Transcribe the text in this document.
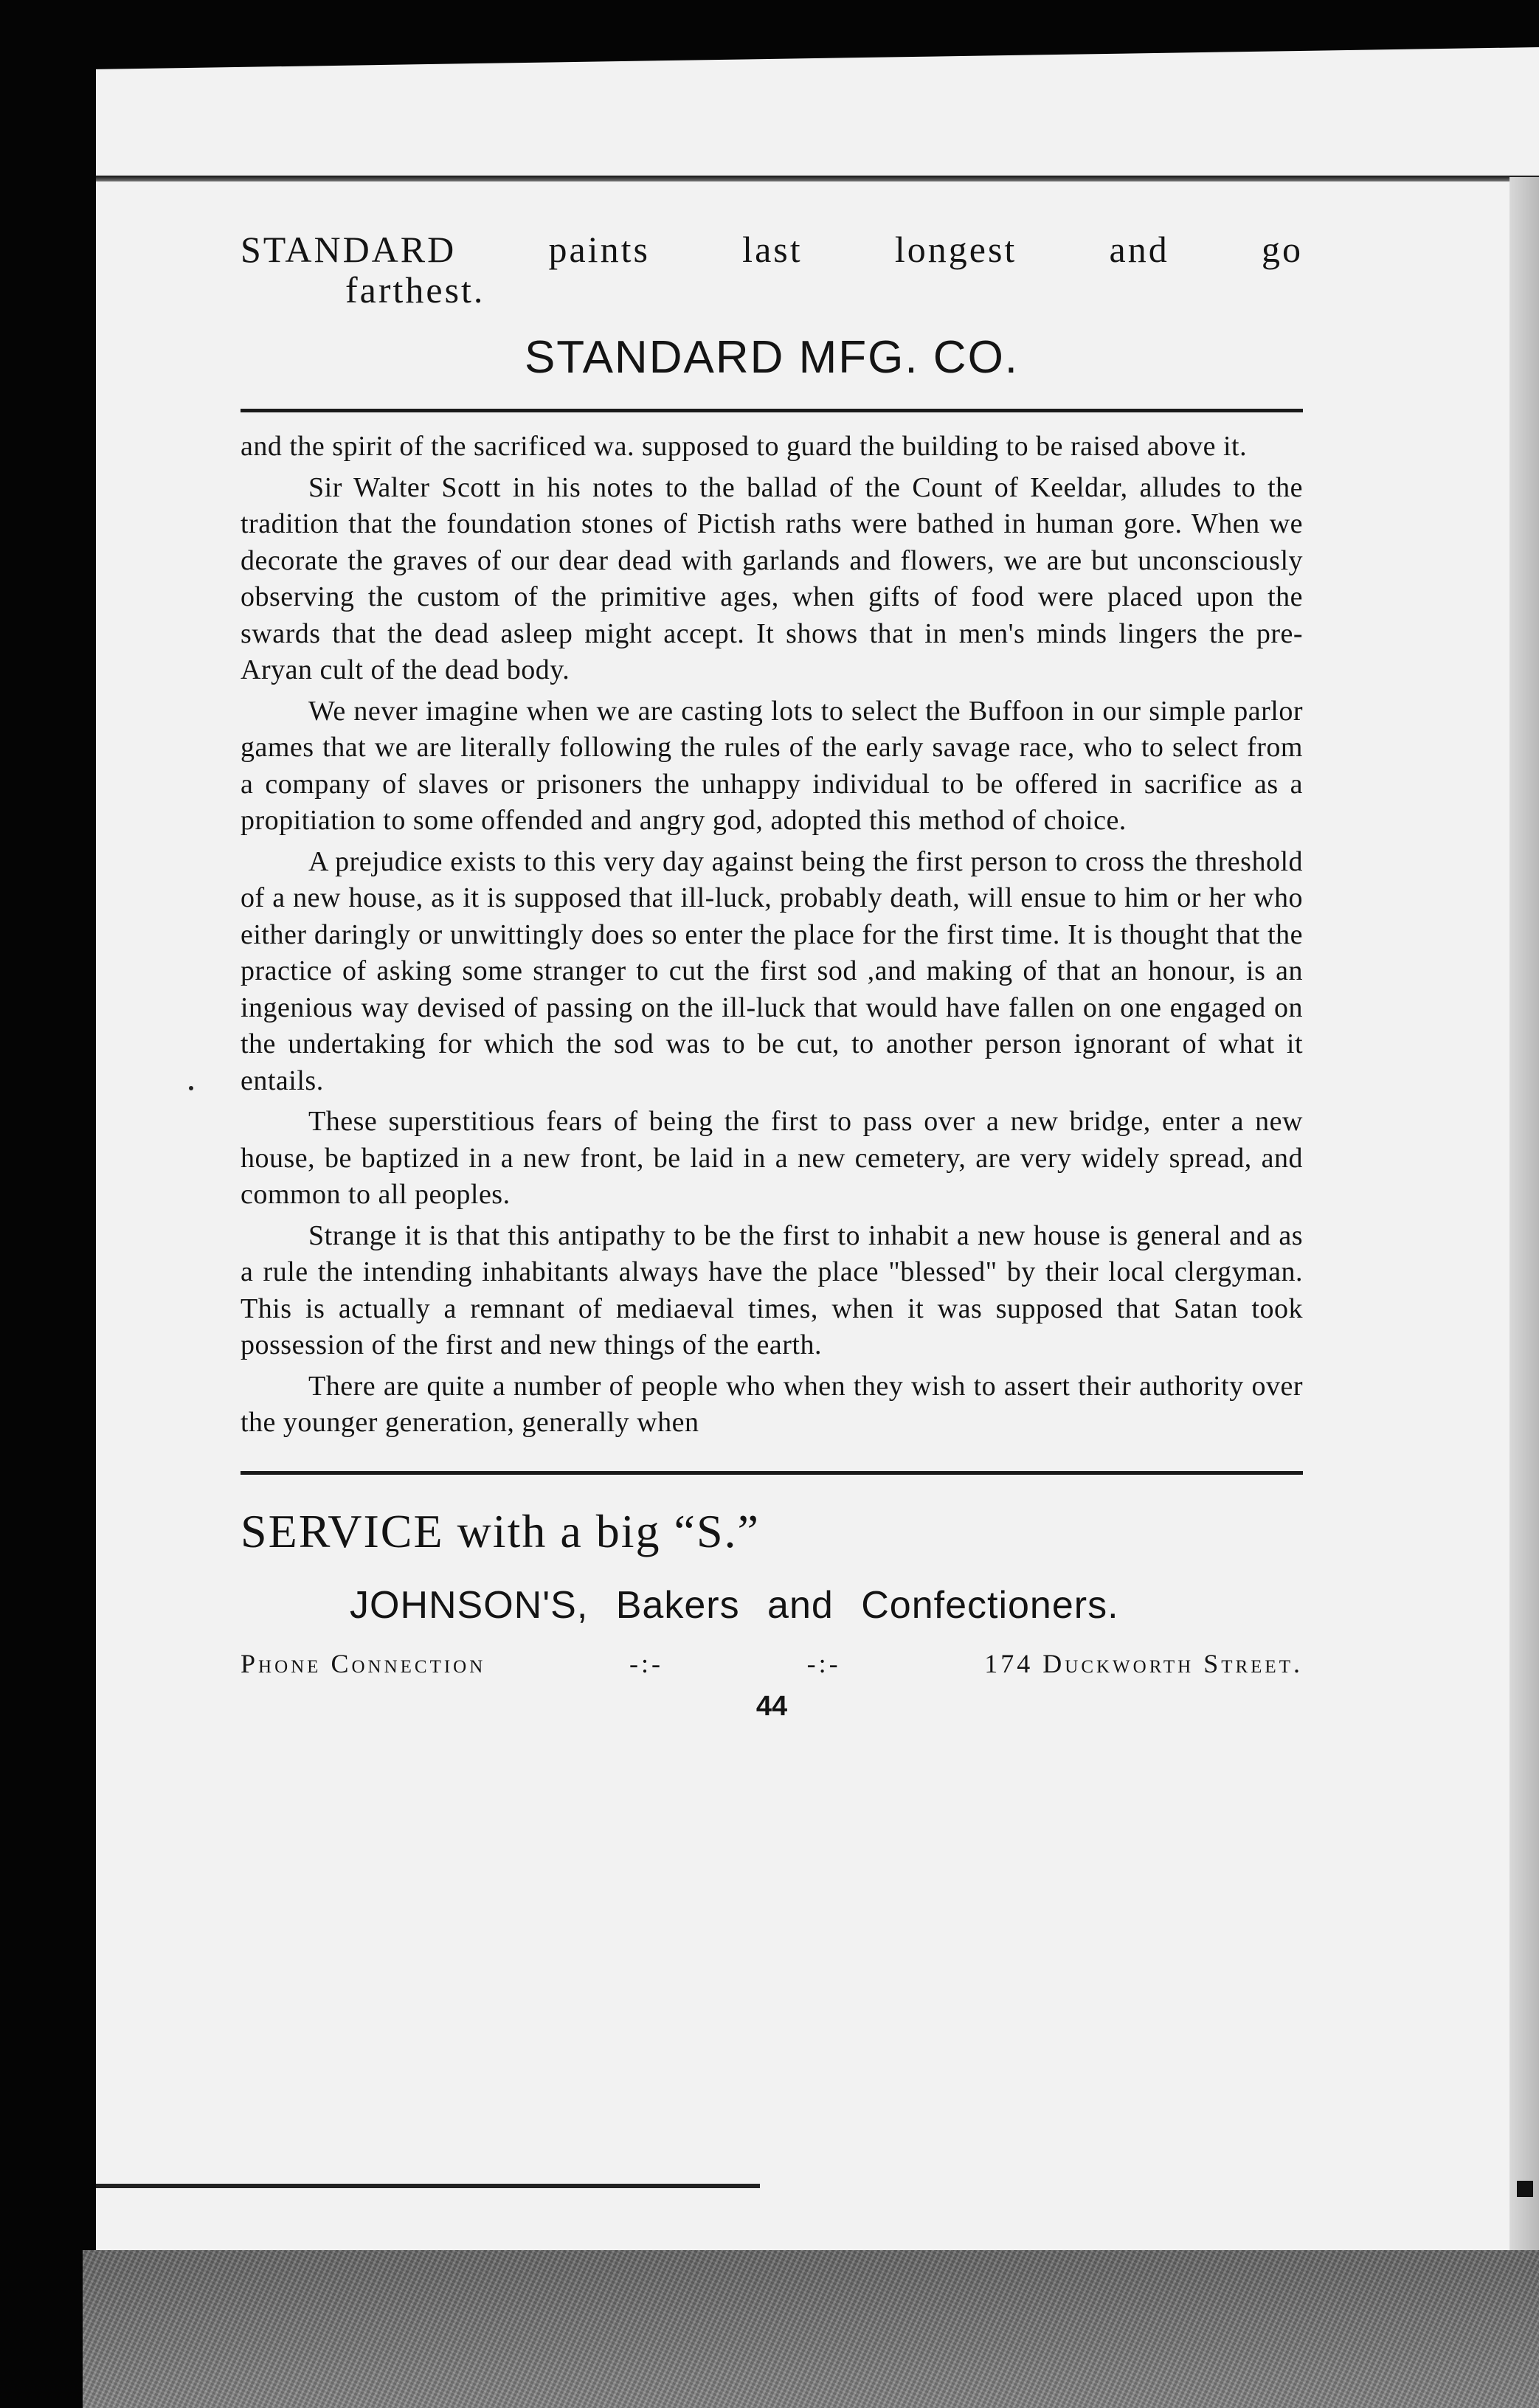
STANDARD paints last longest and go
farthest.
STANDARD MFG. CO.

and the spirit of the sacrificed wa. supposed to guard the building to be raised above it.

Sir Walter Scott in his notes to the ballad of the Count of Keeldar, alludes to the tradition that the foundation stones of Pictish raths were bathed in human gore. When we decorate the graves of our dear dead with garlands and flowers, we are but unconsciously observing the custom of the primitive ages, when gifts of food were placed upon the swards that the dead asleep might accept. It shows that in men's minds lingers the pre-Aryan cult of the dead body.

We never imagine when we are casting lots to select the Buffoon in our simple parlor games that we are literally following the rules of the early savage race, who to select from a company of slaves or prisoners the unhappy individual to be offered in sacrifice as a propitiation to some offended and angry god, adopted this method of choice.

A prejudice exists to this very day against being the first person to cross the threshold of a new house, as it is supposed that ill-luck, probably death, will ensue to him or her who either daringly or unwittingly does so enter the place for the first time. It is thought that the practice of asking some stranger to cut the first sod ,and making of that an honour, is an ingenious way devised of passing on the ill-luck that would have fallen on one engaged on the undertaking for which the sod was to be cut, to another person ignorant of what it entails.

These superstitious fears of being the first to pass over a new bridge, enter a new house, be baptized in a new front, be laid in a new cemetery, are very widely spread, and common to all peoples.

Strange it is that this antipathy to be the first to inhabit a new house is general and as a rule the intending inhabitants always have the place "blessed" by their local clergyman. This is actually a remnant of mediaeval times, when it was supposed that Satan took possession of the first and new things of the earth.

There are quite a number of people who when they wish to assert their authority over the younger generation, generally when

SERVICE with a big “S.”
JOHNSON'S, Bakers and Confectioners.
Phone Connection	-:-	-:-	174 Duckworth Street.
44
